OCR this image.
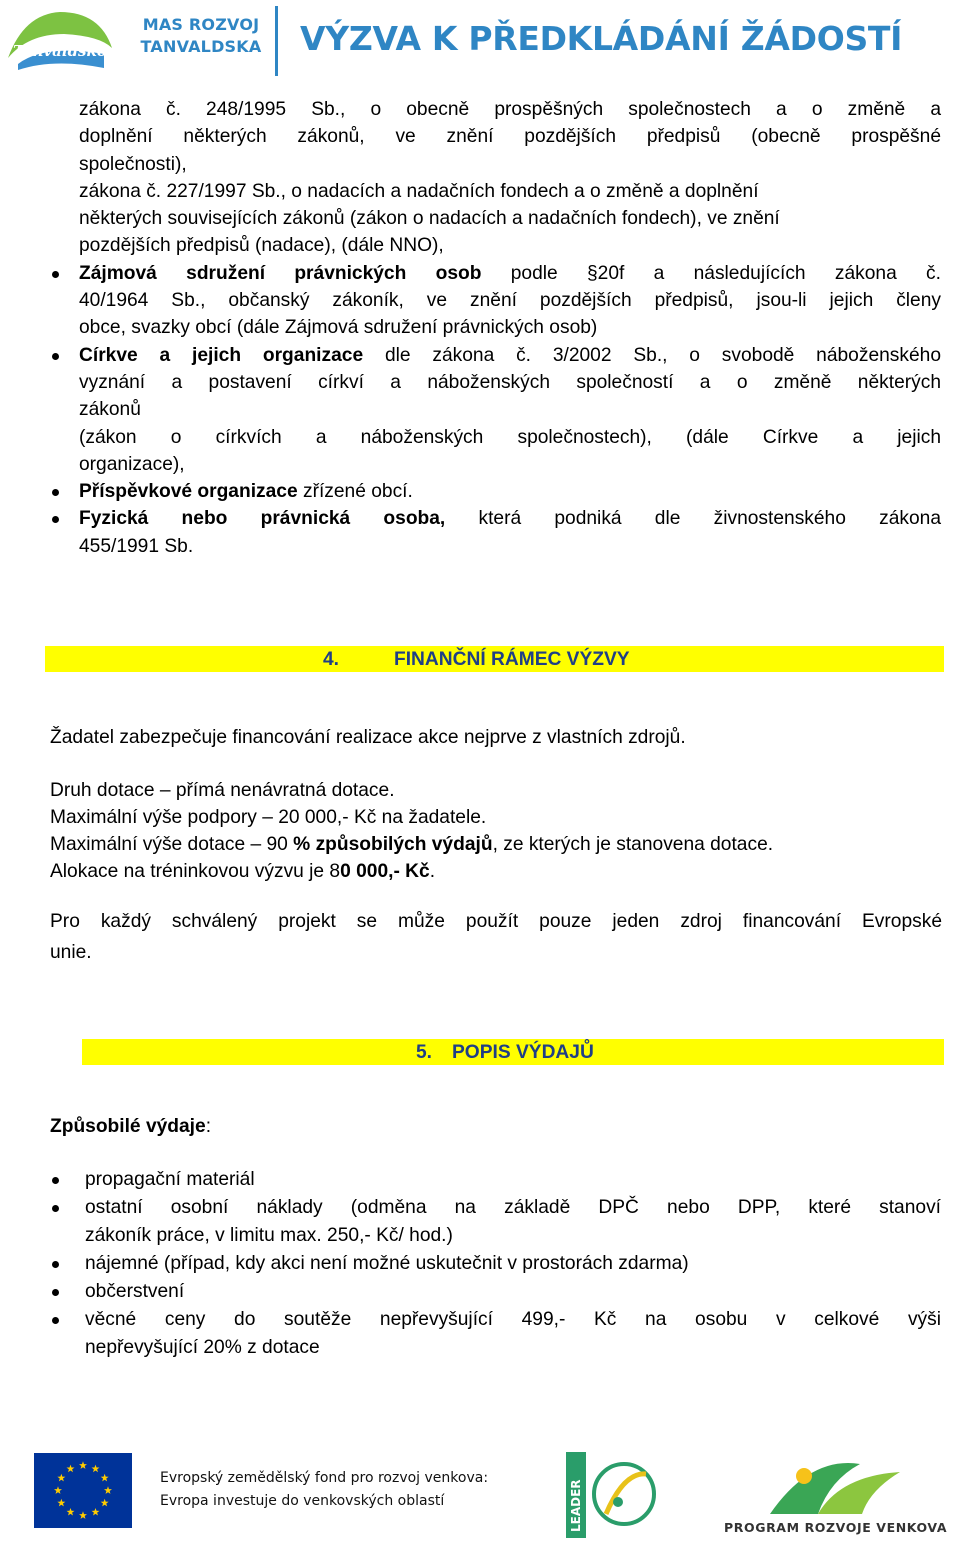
Tanvaldsko
MAS ROZVOJ
TANVALDSKA VÝZVA K PŘEDKLÁDÁNÍ ŽÁDOSTÍ
zákona č. 248/1995 Sb., o obecně prospěšných společnostech a o změně a
doplnění některých zákonů, ve znění pozdějších předpisů (obecně prospěšné
společnosti),
zákona č. 227/1997 Sb., o nadacích a nadačních fondech a o změně a doplnění
některých souvisejících zákonů (zákon o nadacích a nadačních fondech), ve znění
pozdějších předpisů (nadace), (dále NNO),
Zájmová sdružení právnických osob podle §20f a následujících zákona č.
40/1964 Sb., občanský zákoník, ve znění pozdějších předpisů, jsou-li jejich členy
obce, svazky obcí (dále Zájmová sdružení právnických osob)
Církve a jejich organizace dle zákona č. 3/2002 Sb., o svobodě náboženského
vyznání a postavení církví a náboženských společností a o změně některých
zákonů
(zákon o církvích a náboženských společnostech), (dále Církve a jejich
organizace),
Příspěvkové organizace zřízené obcí.
Fyzická nebo právnická osoba, která podniká dle živnostenského zákona
455/1991 Sb.
4.	FINANČNÍ RÁMEC VÝZVY

Žadatel zabezpečuje financování realizace akce nejprve z vlastních zdrojů.

Druh dotace – přímá nenávratná dotace.

Maximální výše podpory – 20 000,- Kč na žadatele.

Maximální výše dotace – 90 % způsobilých výdajů, ze kterých je stanovena dotace.

Alokace na tréninkovou výzvu je 80 000,- Kč.

Pro každý schválený projekt se může použít pouze jeden zdroj financování Evropské

unie.

5. POPIS VÝDAJŮ
Způsobilé výdaje:
propagační materiál
ostatní osobní náklady (odměna na základě DPČ nebo DPP, které stanoví
zákoník práce, v limitu max. 250,- Kč/ hod.)
nájemné (případ, kdy akci není možné uskutečnit v prostorách zdarma)
občerstvení
věcné ceny do soutěže nepřevyšující 499,- Kč na osobu v celkové výši
nepřevyšující 20% z dotace
Evropský zemědělský fond pro rozvoj venkova:
Evropa investuje do venkovských oblastí	LEADER	PROGRAM ROZVOJE VENKOVA
